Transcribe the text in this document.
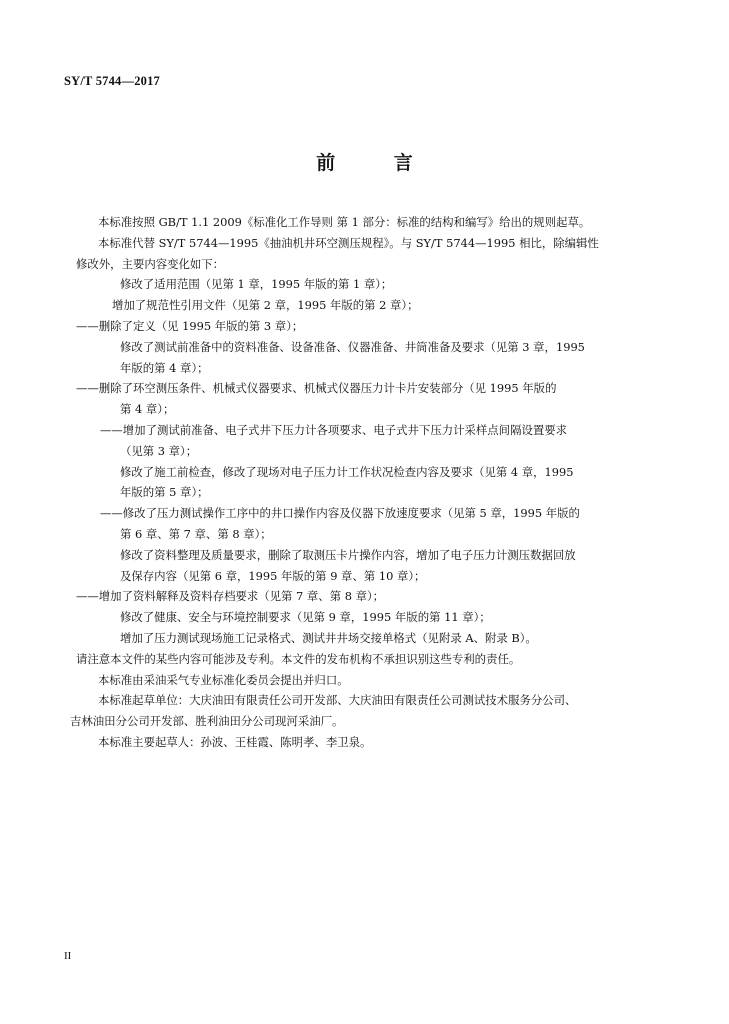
SY/T 5744—2017
前 言
本标准按照 GB/T 1.1 2009《标准化工作导则 第 1 部分：标准的结构和编写》给出的规则起草。
本标准代替 SY/T 5744—1995《抽油机井环空测压规程》。与 SY/T 5744—1995 相比，除编辑性
修改外，主要内容变化如下：
修改了适用范围（见第 1 章，1995 年版的第 1 章）；
增加了规范性引用文件（见第 2 章，1995 年版的第 2 章）；
——删除了定义（见 1995 年版的第 3 章）；
修改了测试前准备中的资料准备、设备准备、仪器准备、井筒准备及要求（见第 3 章，1995
年版的第 4 章）；
——删除了环空测压条件、机械式仪器要求、机械式仪器压力计卡片安装部分（见 1995 年版的
第 4 章）；
——增加了测试前准备、电子式井下压力计各项要求、电子式井下压力计采样点间隔设置要求
（见第 3 章）；
修改了施工前检查，修改了现场对电子压力计工作状况检查内容及要求（见第 4 章，1995
年版的第 5 章）；
——修改了压力测试操作工序中的井口操作内容及仪器下放速度要求（见第 5 章，1995 年版的
第 6 章、第 7 章、第 8 章）；
修改了资料整理及质量要求，删除了取测压卡片操作内容，增加了电子压力计测压数据回放
及保存内容（见第 6 章，1995 年版的第 9 章、第 10 章）；
——增加了资料解释及资料存档要求（见第 7 章、第 8 章）；
修改了健康、安全与环境控制要求（见第 9 章，1995 年版的第 11 章）；
增加了压力测试现场施工记录格式、测试井井场交接单格式（见附录 A、附录 B）。
请注意本文件的某些内容可能涉及专利。本文件的发布机构不承担识别这些专利的责任。
本标准由采油采气专业标准化委员会提出并归口。
本标准起草单位：大庆油田有限责任公司开发部、大庆油田有限责任公司测试技术服务分公司、
吉林油田分公司开发部、胜利油田分公司现河采油厂。
本标准主要起草人：孙波、王桂霞、陈明孝、李卫泉。
II
